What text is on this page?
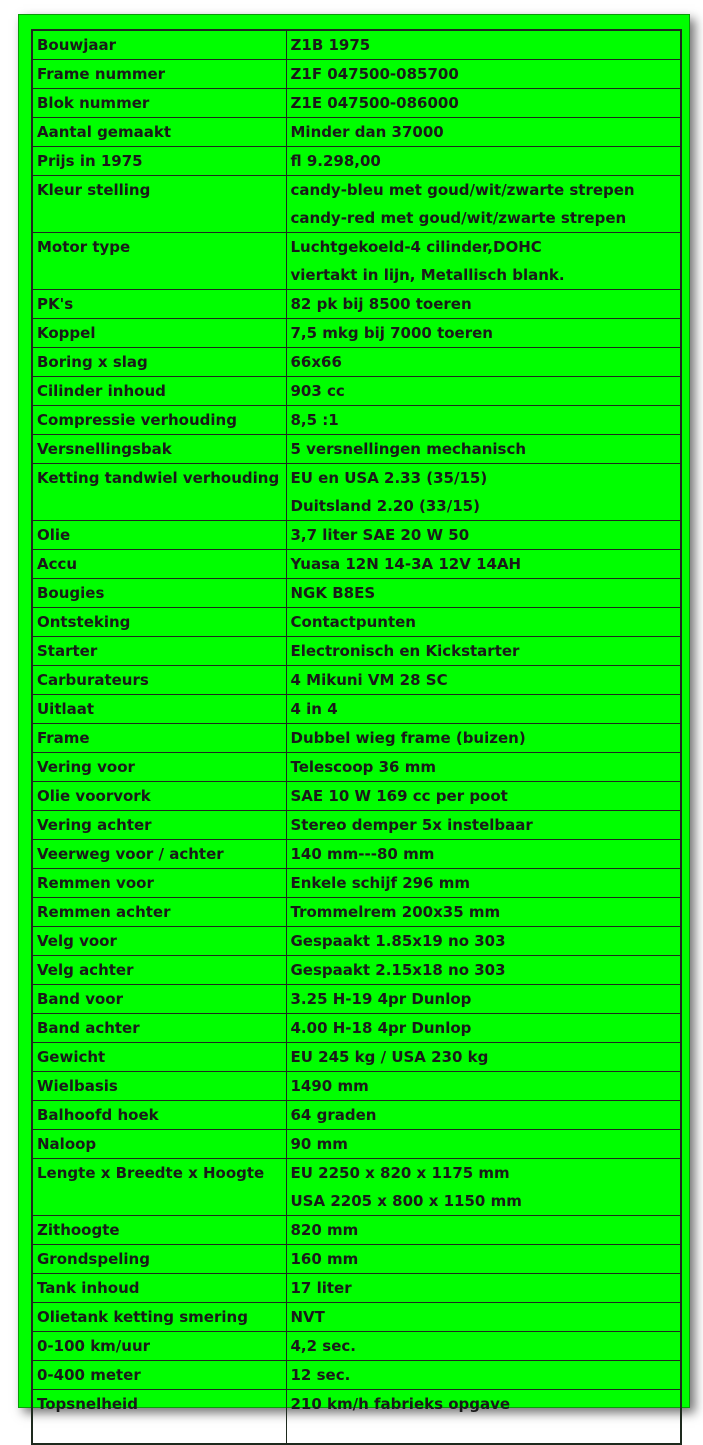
Bouwjaar	Z1B 1975

Frame nummer	Z1F 047500-085700

Blok nummer	Z1E 047500-086000

Aantal gemaakt	Minder dan 37000

Prijs in 1975	fl 9.298,00

Kleur stelling	candy-bleu met goud/wit/zwarte strepen
candy-red met goud/wit/zwarte strepen

Motor type	Luchtgekoeld-4 cilinder,DOHC
viertakt in lijn, Metallisch blank.

PK's	82 pk bij 8500 toeren

Koppel	7,5 mkg bij 7000 toeren

Boring x slag	66x66

Cilinder inhoud	903 cc

Compressie verhouding	8,5 :1

Versnellingsbak	5 versnellingen mechanisch

Ketting tandwiel verhouding	EU en USA 2.33 (35/15)
Duitsland 2.20 (33/15)

Olie	3,7 liter SAE 20 W 50

Accu	Yuasa 12N 14-3A 12V 14AH

Bougies	NGK B8ES

Ontsteking	Contactpunten

Starter	Electronisch en Kickstarter

Carburateurs	4 Mikuni VM 28 SC

Uitlaat	4 in 4

Frame	Dubbel wieg frame (buizen)

Vering voor	Telescoop 36 mm

Olie voorvork	SAE 10 W 169 cc per poot

Vering achter	Stereo demper 5x instelbaar

Veerweg voor / achter	140 mm---80 mm

Remmen voor	Enkele schijf 296 mm

Remmen achter	Trommelrem 200x35 mm

Velg voor	Gespaakt 1.85x19 no 303

Velg achter	Gespaakt 2.15x18 no 303

Band voor	3.25 H-19 4pr Dunlop

Band achter	4.00 H-18 4pr Dunlop

Gewicht	EU 245 kg / USA 230 kg

Wielbasis	1490 mm

Balhoofd hoek	64 graden

Naloop	90 mm

Lengte x Breedte x Hoogte	EU 2250 x 820 x 1175 mm
USA 2205 x 800 x 1150 mm

Zithoogte	820 mm

Grondspeling	160 mm

Tank inhoud	17 liter

Olietank ketting smering	NVT

0-100 km/uur	4,2 sec.

0-400 meter	12 sec.

Topsnelheid	210 km/h fabrieks opgave
